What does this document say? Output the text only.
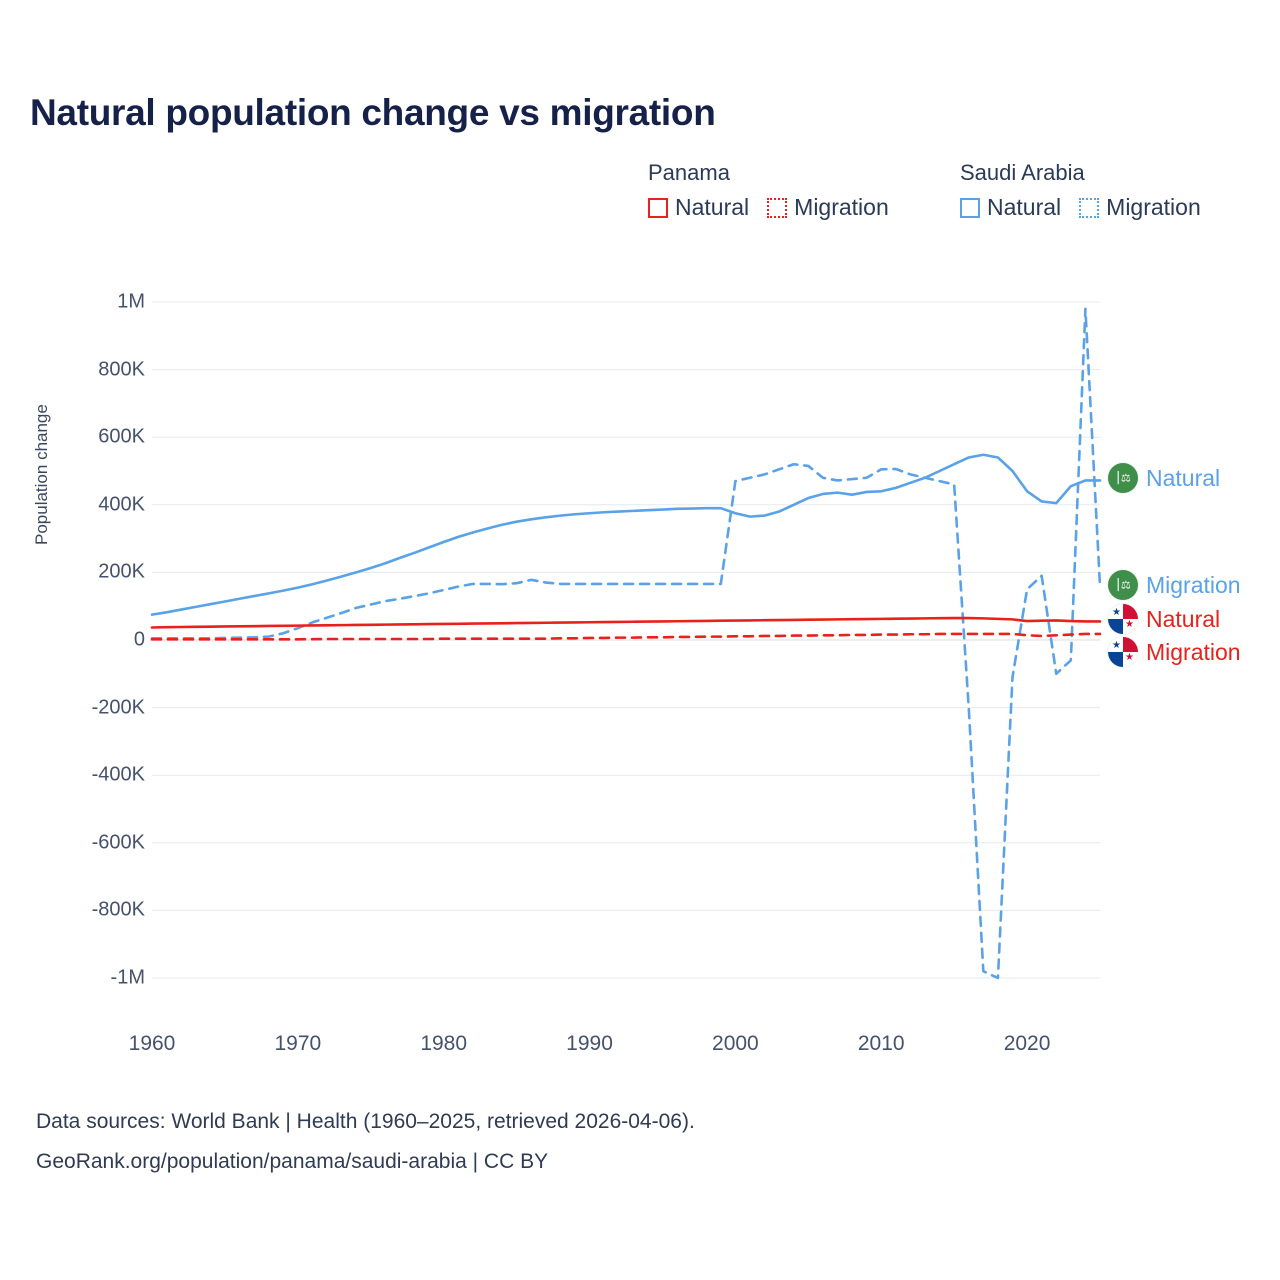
Natural population change vs migration
Panama
Natural Migration
Saudi Arabia
Natural Migration
Population change
1M
800K
600K
400K
200K
0
-200K
-400K
-600K
-800K
-1M
1960	1970	1980	1990	2000	2010	2020
⎮⚖ Natural
⎮⚖ Migration
★
★ Natural
★
★ Migration
Data sources: World Bank | Health (1960–2025, retrieved 2026-04-06).
GeoRank.org/population/panama/saudi-arabia | CC BY
